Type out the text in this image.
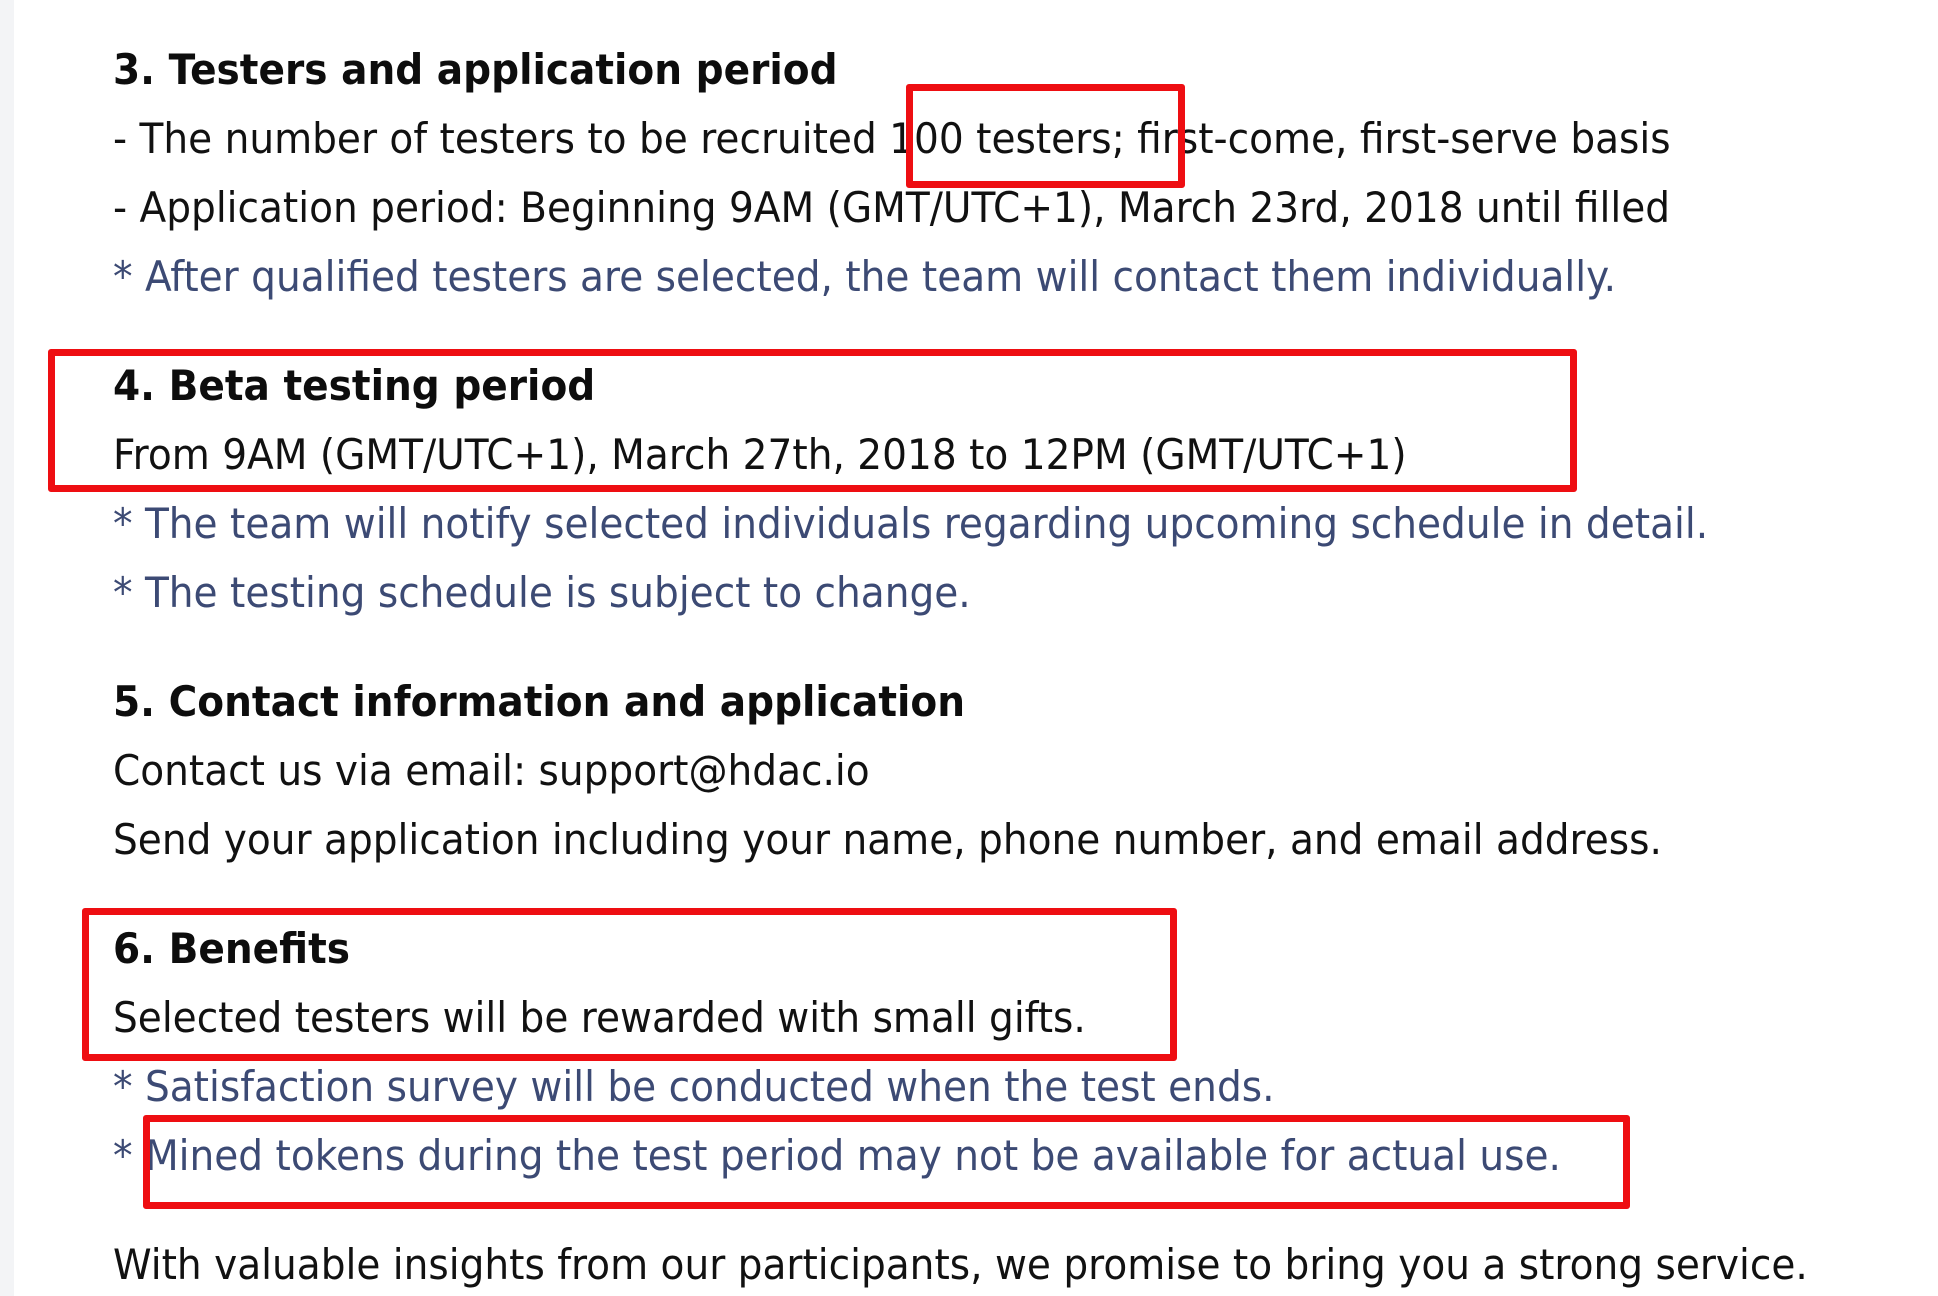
3. Testers and application period
- The number of testers to be recruited 100 testers; first-come, first-serve basis
- Application period: Beginning 9AM (GMT/UTC+1), March 23rd, 2018 until filled
* After qualified testers are selected, the team will contact them individually.
4. Beta testing period
From 9AM (GMT/UTC+1), March 27th, 2018 to 12PM (GMT/UTC+1)
* The team will notify selected individuals regarding upcoming schedule in detail.
* The testing schedule is subject to change.
5. Contact information and application
Contact us via email: support@hdac.io
Send your application including your name, phone number, and email address.
6. Benefits
Selected testers will be rewarded with small gifts.
* Satisfaction survey will be conducted when the test ends.
* Mined tokens during the test period may not be available for actual use.
With valuable insights from our participants, we promise to bring you a strong service.
